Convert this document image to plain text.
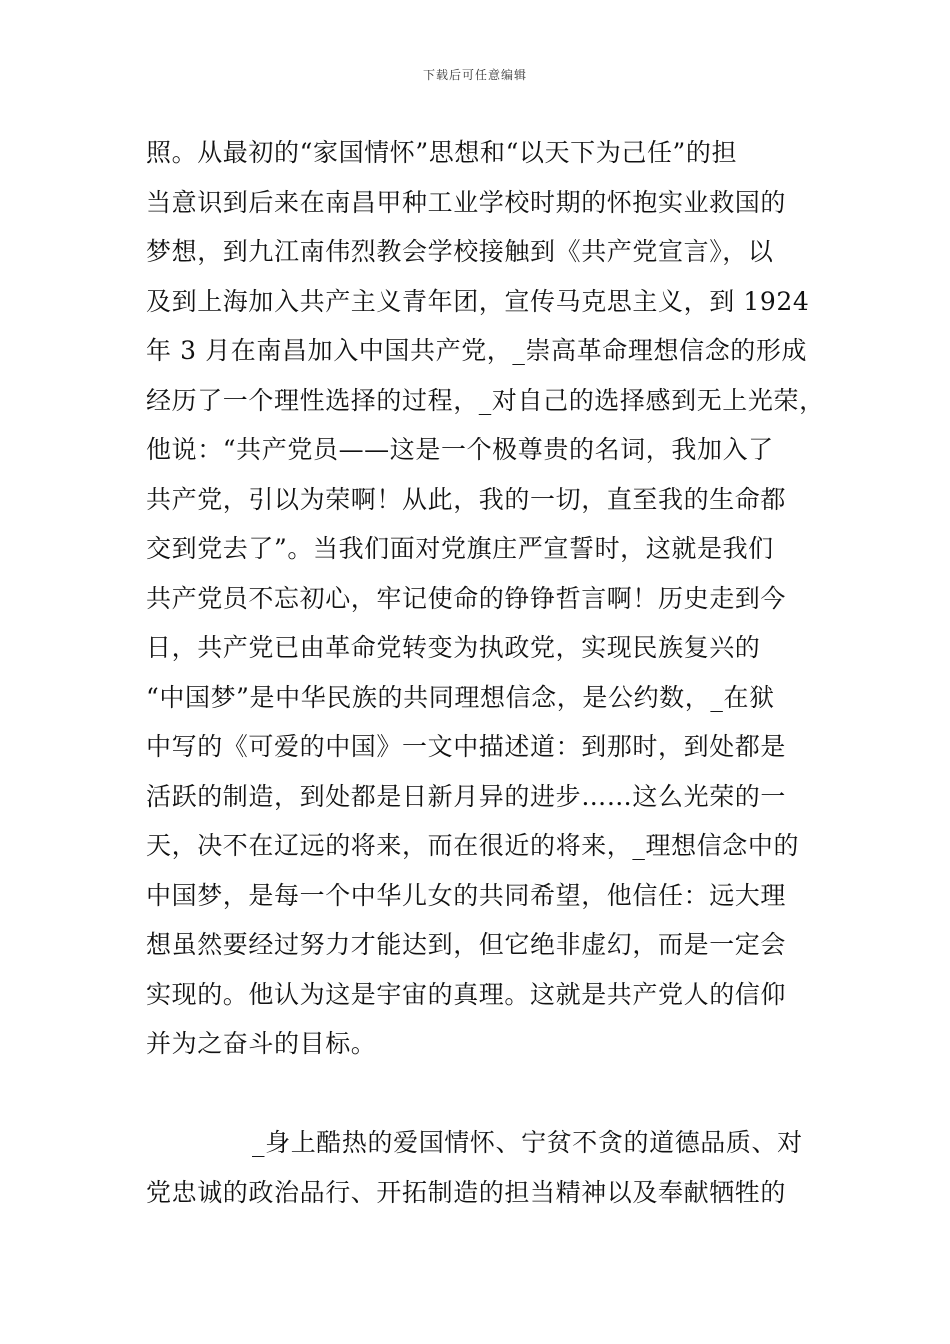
下载后可任意编辑
照。从最初的“家国情怀”思想和“以天下为己任”的担
当意识到后来在南昌甲种工业学校时期的怀抱实业救国的
梦想，到九江南伟烈教会学校接触到《共产党宣言》，以
及到上海加入共产主义青年团，宣传马克思主义，到 1924
年 3 月在南昌加入中国共产党，_崇高革命理想信念的形成
经历了一个理性选择的过程，_对自己的选择感到无上光荣，
他说：“共产党员——这是一个极尊贵的名词，我加入了
共产党，引以为荣啊！从此，我的一切，直至我的生命都
交到党去了”。当我们面对党旗庄严宣誓时，这就是我们
共产党员不忘初心，牢记使命的铮铮哲言啊！历史走到今
日，共产党已由革命党转变为执政党，实现民族复兴的
“中国梦”是中华民族的共同理想信念，是公约数，_在狱
中写的《可爱的中国》一文中描述道：到那时，到处都是
活跃的制造，到处都是日新月异的进步……这么光荣的一
天，决不在辽远的将来，而在很近的将来，_理想信念中的
中国梦，是每一个中华儿女的共同希望，他信任：远大理
想虽然要经过努力才能达到，但它绝非虚幻，而是一定会
实现的。他认为这是宇宙的真理。这就是共产党人的信仰
并为之奋斗的目标。
_身上酷热的爱国情怀、宁贫不贪的道德品质、对
党忠诚的政治品行、开拓制造的担当精神以及奉献牺牲的
